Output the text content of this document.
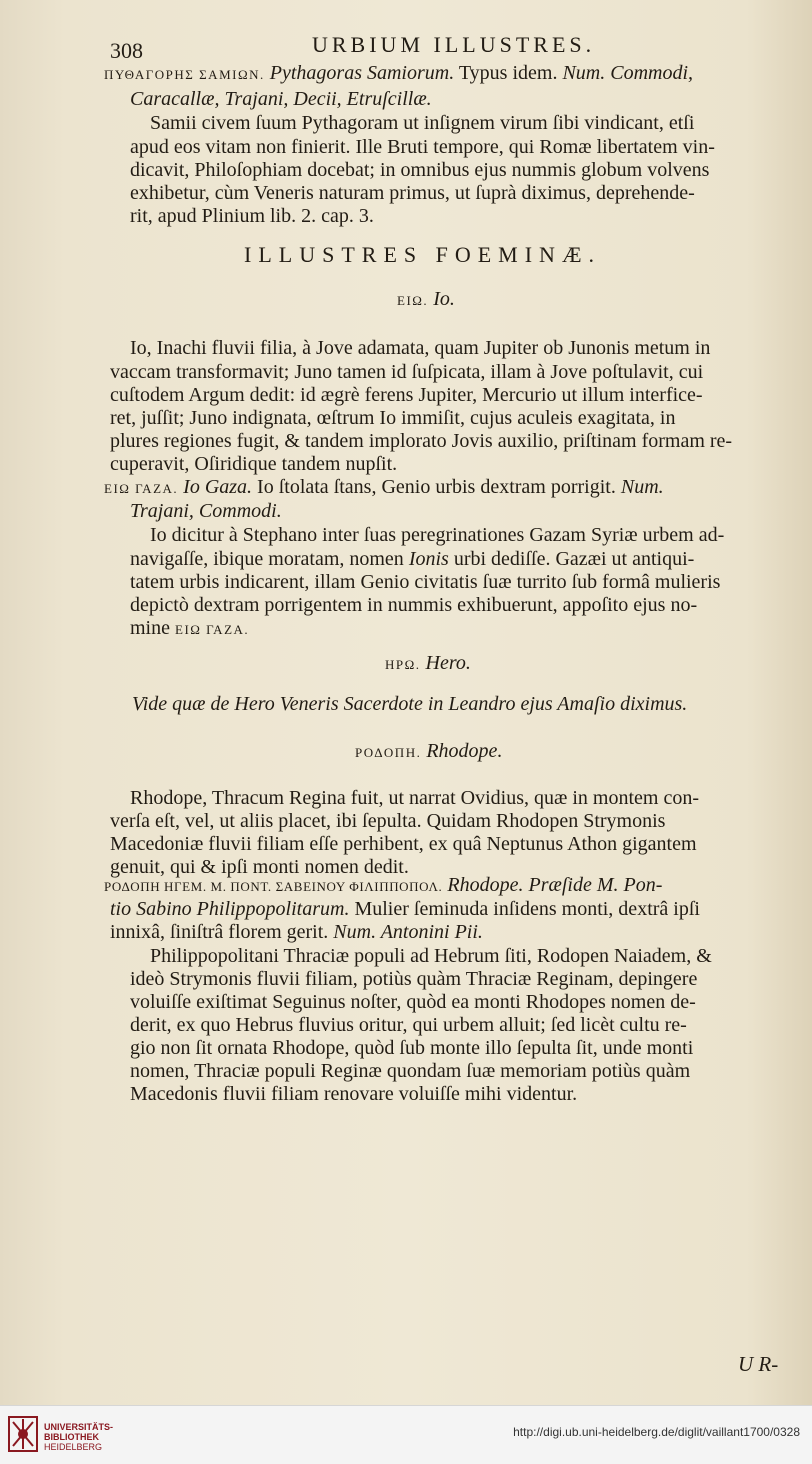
308	URBIUM ILLUSTRES.
ΠΥΘΑΓΟΡΗΣ ΣΑΜΙΩΝ. Pythagoras Samiorum. Typus idem. Num. Commodi,
Caracallæ, Trajani, Decii, Etruſcillæ.
Samii civem ſuum Pythagoram ut inſignem virum ſibi vindicant, etſi
apud eos vitam non finierit. Ille Bruti tempore, qui Romæ libertatem vin-
dicavit, Philoſophiam docebat; in omnibus ejus nummis globum volvens
exhibetur, cùm Veneris naturam primus, ut ſuprà diximus, deprehende-
rit, apud Plinium lib. 2. cap. 3.
ILLUSTRES FOEMINÆ.
ΕΙΩ. Io.
Io, Inachi fluvii filia, à Jove adamata, quam Jupiter ob Junonis metum in
vaccam transformavit; Juno tamen id ſuſpicata, illam à Jove poſtulavit, cui
cuſtodem Argum dedit: id ægrè ferens Jupiter, Mercurio ut illum interfice-
ret, juſſit; Juno indignata, œſtrum Io immiſit, cujus aculeis exagitata, in
plures regiones fugit, & tandem implorato Jovis auxilio, priſtinam formam re-
cuperavit, Oſiridique tandem nupſit.
ΕΙΩ ΓΑΖΑ. Io Gaza. Io ſtolata ſtans, Genio urbis dextram porrigit. Num.
Trajani, Commodi.
Io dicitur à Stephano inter ſuas peregrinationes Gazam Syriæ urbem ad-
navigaſſe, ibique moratam, nomen Ionis urbi dediſſe. Gazæi ut antiqui-
tatem urbis indicarent, illam Genio civitatis ſuæ turrito ſub formâ mulieris
depictò dextram porrigentem in nummis exhibuerunt, appoſito ejus no-
mine ΕΙΩ ΓΑΖΑ.
ΗΡΩ. Hero.
Vide quæ de Hero Veneris Sacerdote in Leandro ejus Amaſio diximus.
ΡΟΔΟΠΗ. Rhodope.
Rhodope, Thracum Regina fuit, ut narrat Ovidius, quæ in montem con-
verſa eſt, vel, ut aliis placet, ibi ſepulta. Quidam Rhodopen Strymonis
Macedoniæ fluvii filiam eſſe perhibent, ex quâ Neptunus Athon gigantem
genuit, qui & ipſi monti nomen dedit.
ΡΟΔΟΠΗ ΗΓΕΜ. Μ. ΠΟΝΤ. ΣΑΒΕΙΝΟΥ ΦΙΛΙΠΠΟΠΟΛ. Rhodope. Præſide M. Pon-
tio Sabino Philippopolitarum. Mulier ſeminuda inſidens monti, dextrâ ipſi
innixâ, ſiniſtrâ florem gerit. Num. Antonini Pii.
Philippopolitani Thraciæ populi ad Hebrum ſiti, Rodopen Naiadem, &
ideò Strymonis fluvii filiam, potiùs quàm Thraciæ Reginam, depingere
voluiſſe exiſtimat Seguinus noſter, quòd ea monti Rhodopes nomen de-
derit, ex quo Hebrus fluvius oritur, qui urbem alluit; ſed licèt cultu re-
gio non ſit ornata Rhodope, quòd ſub monte illo ſepulta ſit, unde monti
nomen, Thraciæ populi Reginæ quondam ſuæ memoriam potiùs quàm
Macedonis fluvii filiam renovare voluiſſe mihi videntur.
U R-
UNIVERSITÄTS-
BIBLIOTHEK
HEIDELBERG
http://digi.ub.uni-heidelberg.de/diglit/vaillant1700/0328
